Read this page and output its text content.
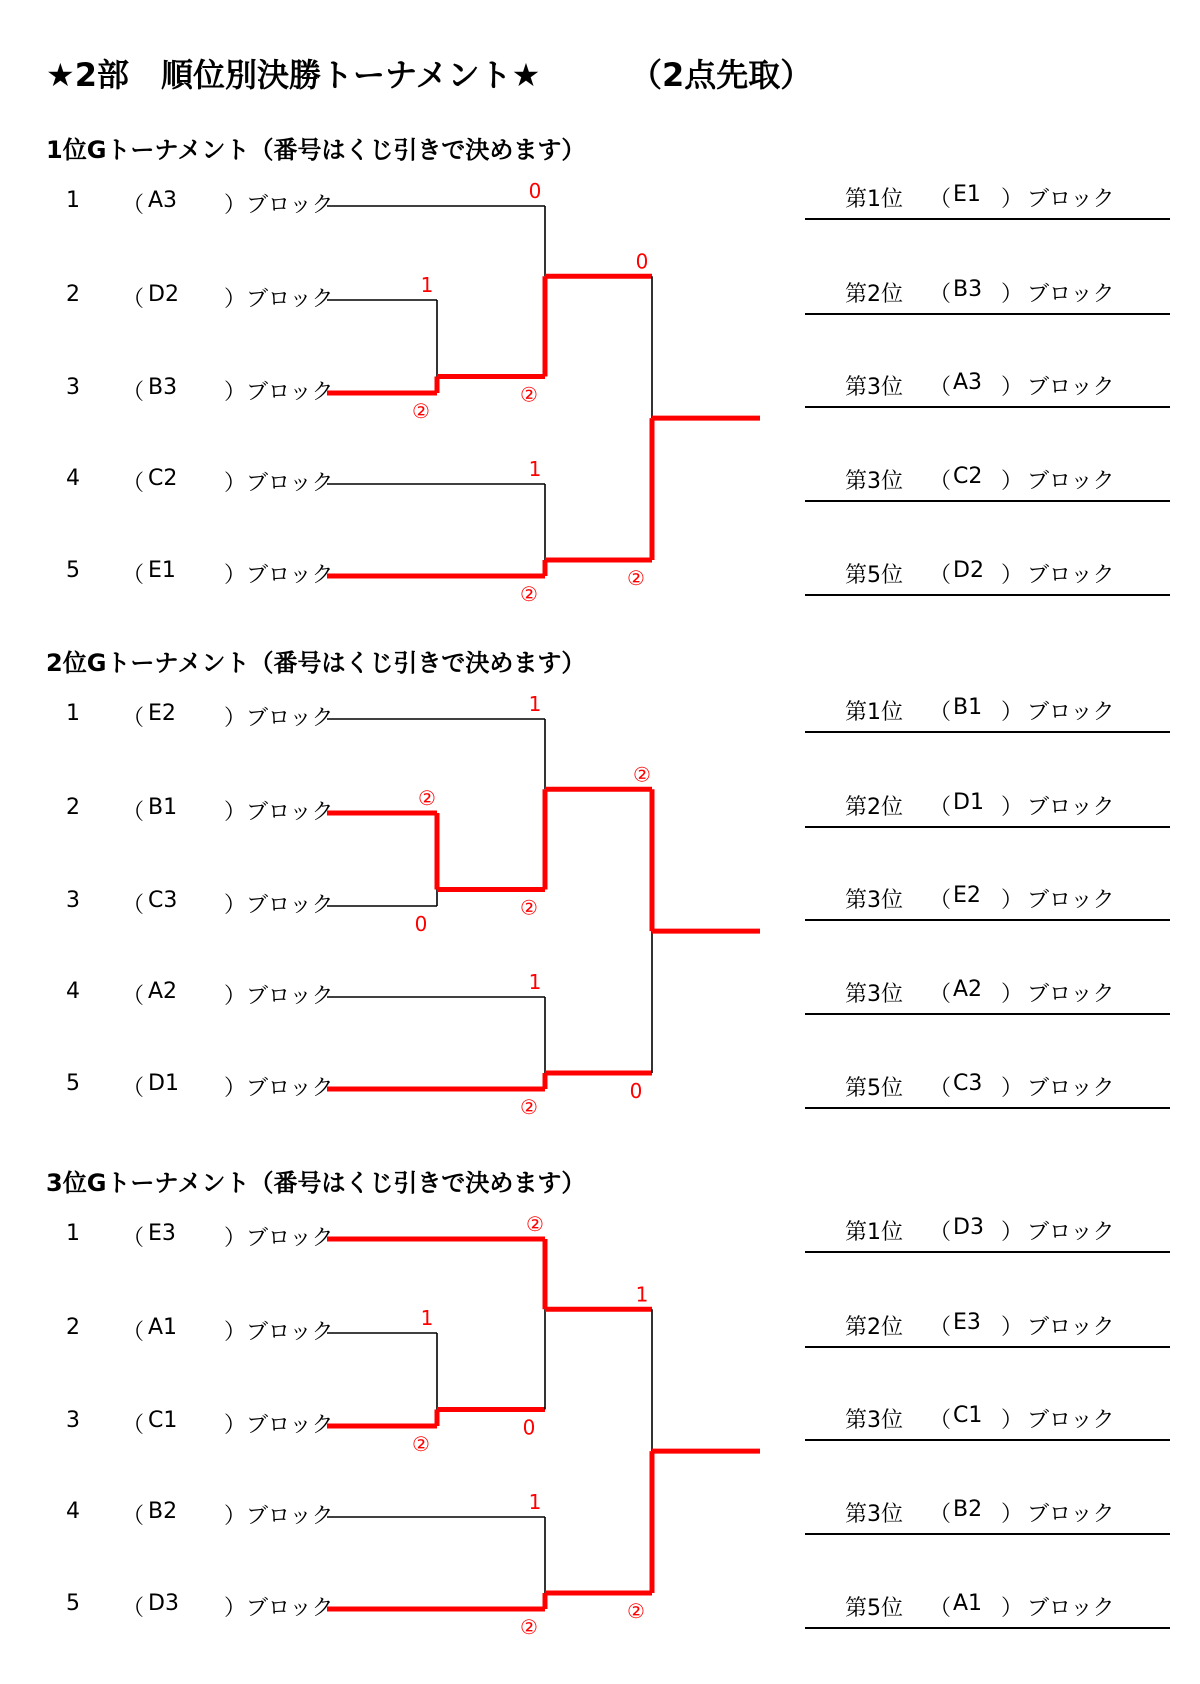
★2部　順位別決勝トーナメント★	（2点先取）
1位Gトーナメント（番号はくじ引きで決めます）
1 （ A3 ）ブロック
2 （ D2 ）ブロック
3 （ B3 ）ブロック
4 （ C2 ）ブロック
5 （ E1 ）ブロック
1
②
0
②
1
②
0
②
第1位 （ E1 ） ブロック
第2位 （ B3 ） ブロック
第3位 （ A3 ） ブロック
第3位 （ C2 ） ブロック
第5位 （ D2 ） ブロック
2位Gトーナメント（番号はくじ引きで決めます）
1 （ E2 ）ブロック
2 （ B1 ）ブロック
3 （ C3 ）ブロック
4 （ A2 ）ブロック
5 （ D1 ）ブロック
②
0
1
②
1
②
②
0
第1位 （ B1 ） ブロック
第2位 （ D1 ） ブロック
第3位 （ E2 ） ブロック
第3位 （ A2 ） ブロック
第5位 （ C3 ） ブロック
3位Gトーナメント（番号はくじ引きで決めます）
1 （ E3 ）ブロック
2 （ A1 ）ブロック
3 （ C1 ）ブロック
4 （ B2 ）ブロック
5 （ D3 ）ブロック
1
②
②
0
1
②
1
②
第1位 （ D3 ） ブロック
第2位 （ E3 ） ブロック
第3位 （ C1 ） ブロック
第3位 （ B2 ） ブロック
第5位 （ A1 ） ブロック
